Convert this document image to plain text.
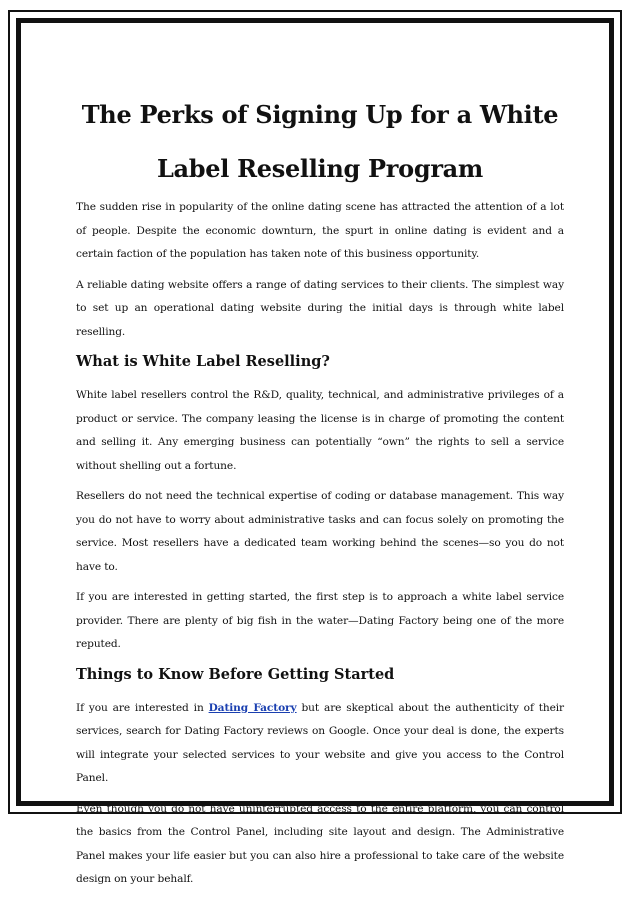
The Perks of Signing Up for a White
Label Reselling Program

The sudden rise in popularity of the online dating scene has attracted the attention of a lot of people. Despite the economic downturn, the spurt in online dating is evident and a certain faction of the population has taken note of this business opportunity.

A reliable dating website offers a range of dating services to their clients. The simplest way to set up an operational dating website during the initial days is through white label reselling.

What is White Label Reselling?

White label resellers control the R&D, quality, technical, and administrative privileges of a product or service. The company leasing the license is in charge of promoting the content and selling it. Any emerging business can potentially “own” the rights to sell a service without shelling out a fortune.

Resellers do not need the technical expertise of coding or database management. This way you do not have to worry about administrative tasks and can focus solely on promoting the service. Most resellers have a dedicated team working behind the scenes—so you do not have to.

If you are interested in getting started, the first step is to approach a white label service provider. There are plenty of big fish in the water—Dating Factory being one of the more reputed.

Things to Know Before Getting Started

If you are interested in Dating Factory but are skeptical about the authenticity of their services, search for Dating Factory reviews on Google. Once your deal is done, the experts will integrate your selected services to your website and give you access to the Control Panel.

Even though you do not have uninterrupted access to the entire platform, you can control the basics from the Control Panel, including site layout and design. The Administrative Panel makes your life easier but you can also hire a professional to take care of the website design on your behalf.
